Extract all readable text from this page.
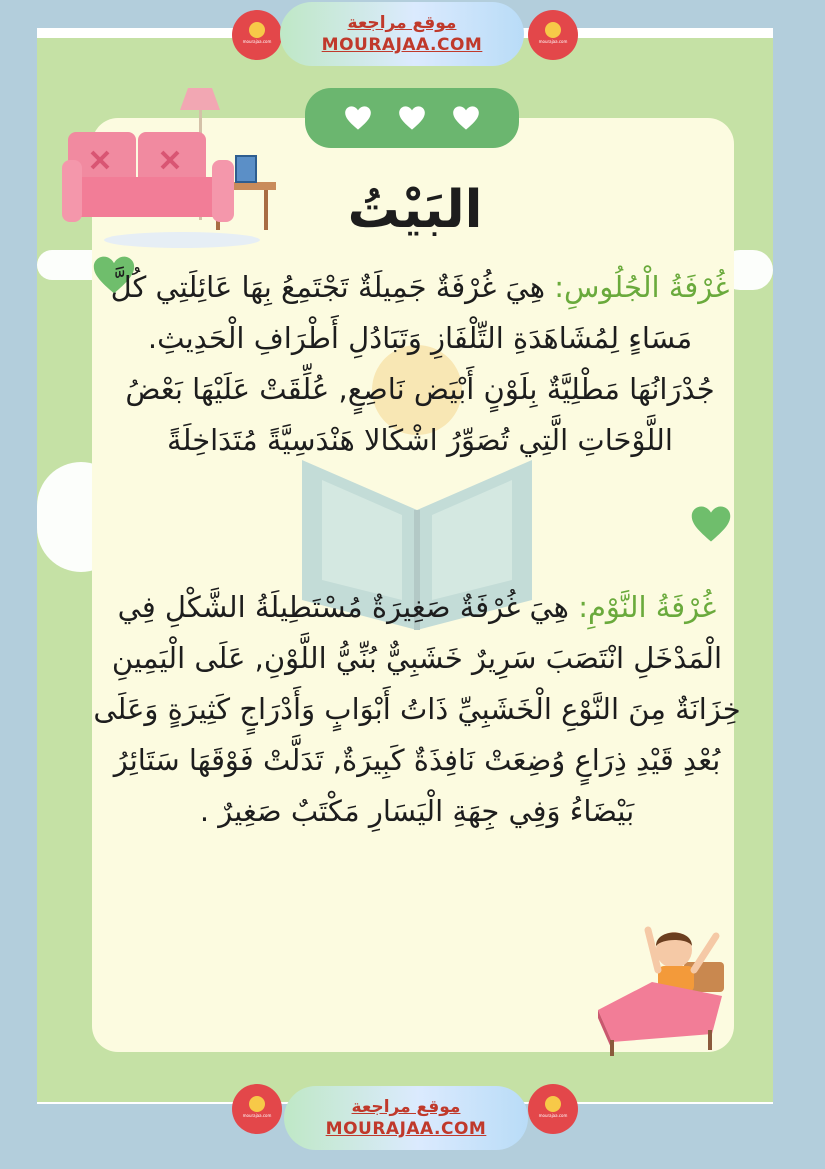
mourajaa.com	mourajaa.com
موقع مراجعة
MOURAJAA.COM
البَيْتُ
غُرْفَةُ الْجُلُوسِ: هِيَ غُرْفَةٌ جَمِيلَةٌ تَجْتَمِعُ بِهَا عَائِلَتِي كُلَّ مَسَاءٍ لِمُشَاهَدَةِ التِّلْفَازِ وَتَبَادُلِ أَطْرَافِ الْحَدِيثِ. جُدْرَانُهَا مَطْلِيَّةٌ بِلَوْنٍ أَبْيَض نَاصِعٍ, عُلِّقَتْ عَلَيْهَا بَعْضُ اللَّوْحَاتِ الَّتِي تُصَوِّرُ اشْكَالا هَنْدَسِيَّةً مُتَدَاخِلَةً
غُرْفَةُ النَّوْمِ: هِيَ غُرْفَةٌ صَغِيرَةٌ مُسْتَطِيلَةُ الشَّكْلِ فِي الْمَدْخَلِ انْتَصَبَ سَرِيرٌ خَشَبِيٌّ بُنِّيُّ اللَّوْنِ, عَلَى الْيَمِينِ خِزَانَةٌ مِنَ النَّوْعِ الْخَشَبِيِّ ذَاتُ أَبْوَابٍ وَأَدْرَاجٍ كَثِيرَةٍ وَعَلَى بُعْدِ قَيْدِ ذِرَاعٍ وُضِعَتْ نَافِذَةٌ كَبِيرَةٌ, تَدَلَّتْ فَوْقَهَا سَتَائِرُ بَيْضَاءُ وَفِي جِهَةِ الْيَسَارِ مَكْتَبٌ صَغِيرٌ .
mourajaa.com	mourajaa.com
موقع مراجعة
MOURAJAA.COM
